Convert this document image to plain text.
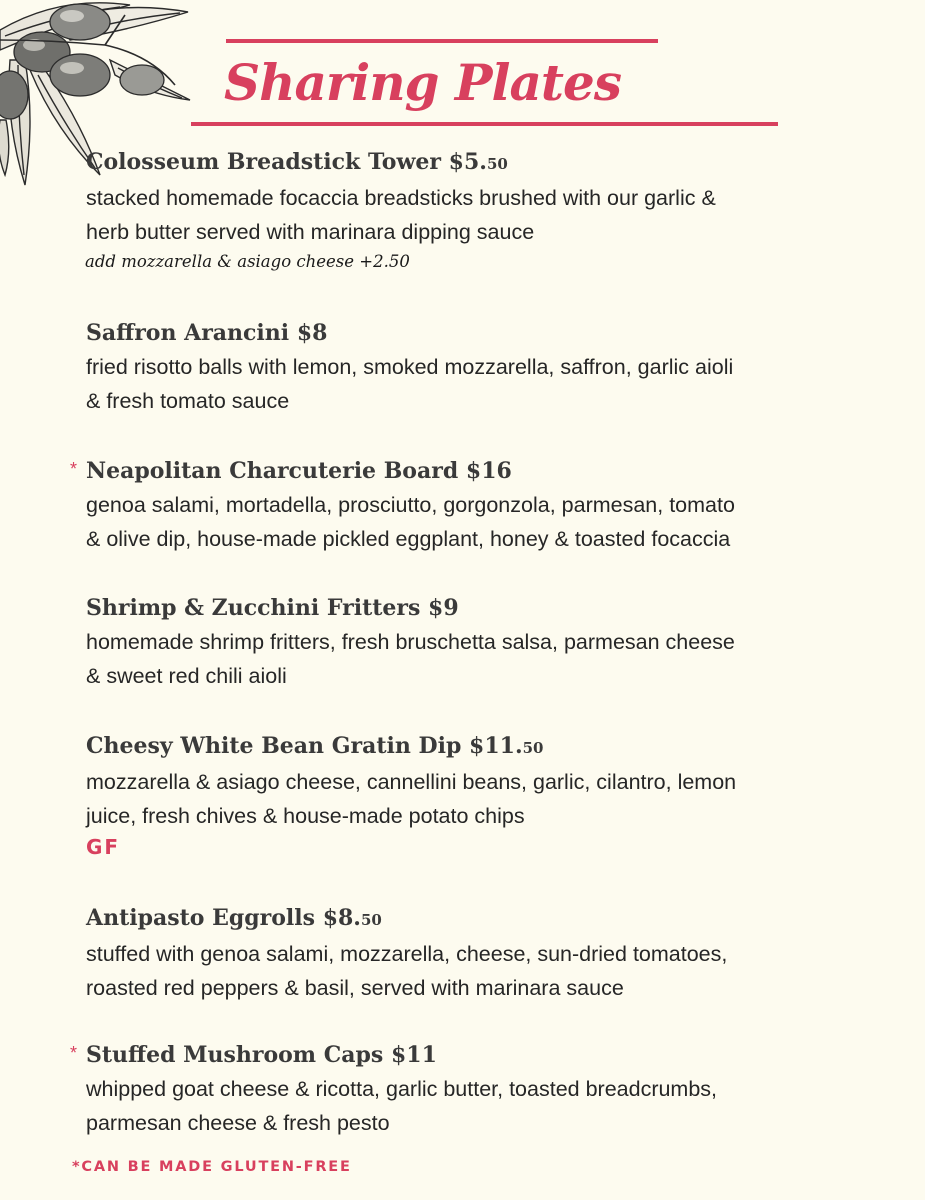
Sharing Plates
Colosseum Breadstick Tower $5.50
stacked homemade focaccia breadsticks brushed with our garlic &
herb butter served with marinara dipping sauce
add mozzarella & asiago cheese +2.50
Saffron Arancini $8
fried risotto balls with lemon, smoked mozzarella, saffron, garlic aioli
& fresh tomato sauce
* Neapolitan Charcuterie Board $16
genoa salami, mortadella, prosciutto, gorgonzola, parmesan, tomato
& olive dip, house-made pickled eggplant, honey & toasted focaccia
Shrimp & Zucchini Fritters $9
homemade shrimp fritters, fresh bruschetta salsa, parmesan cheese
& sweet red chili aioli
Cheesy White Bean Gratin Dip $11.50
mozzarella & asiago cheese, cannellini beans, garlic, cilantro, lemon
juice, fresh chives & house-made potato chips
GF
Antipasto Eggrolls $8.50
stuffed with genoa salami, mozzarella, cheese, sun-dried tomatoes,
roasted red peppers & basil, served with marinara sauce
* Stuffed Mushroom Caps $11
whipped goat cheese & ricotta, garlic butter, toasted breadcrumbs,
parmesan cheese & fresh pesto
*CAN BE MADE GLUTEN-FREE
